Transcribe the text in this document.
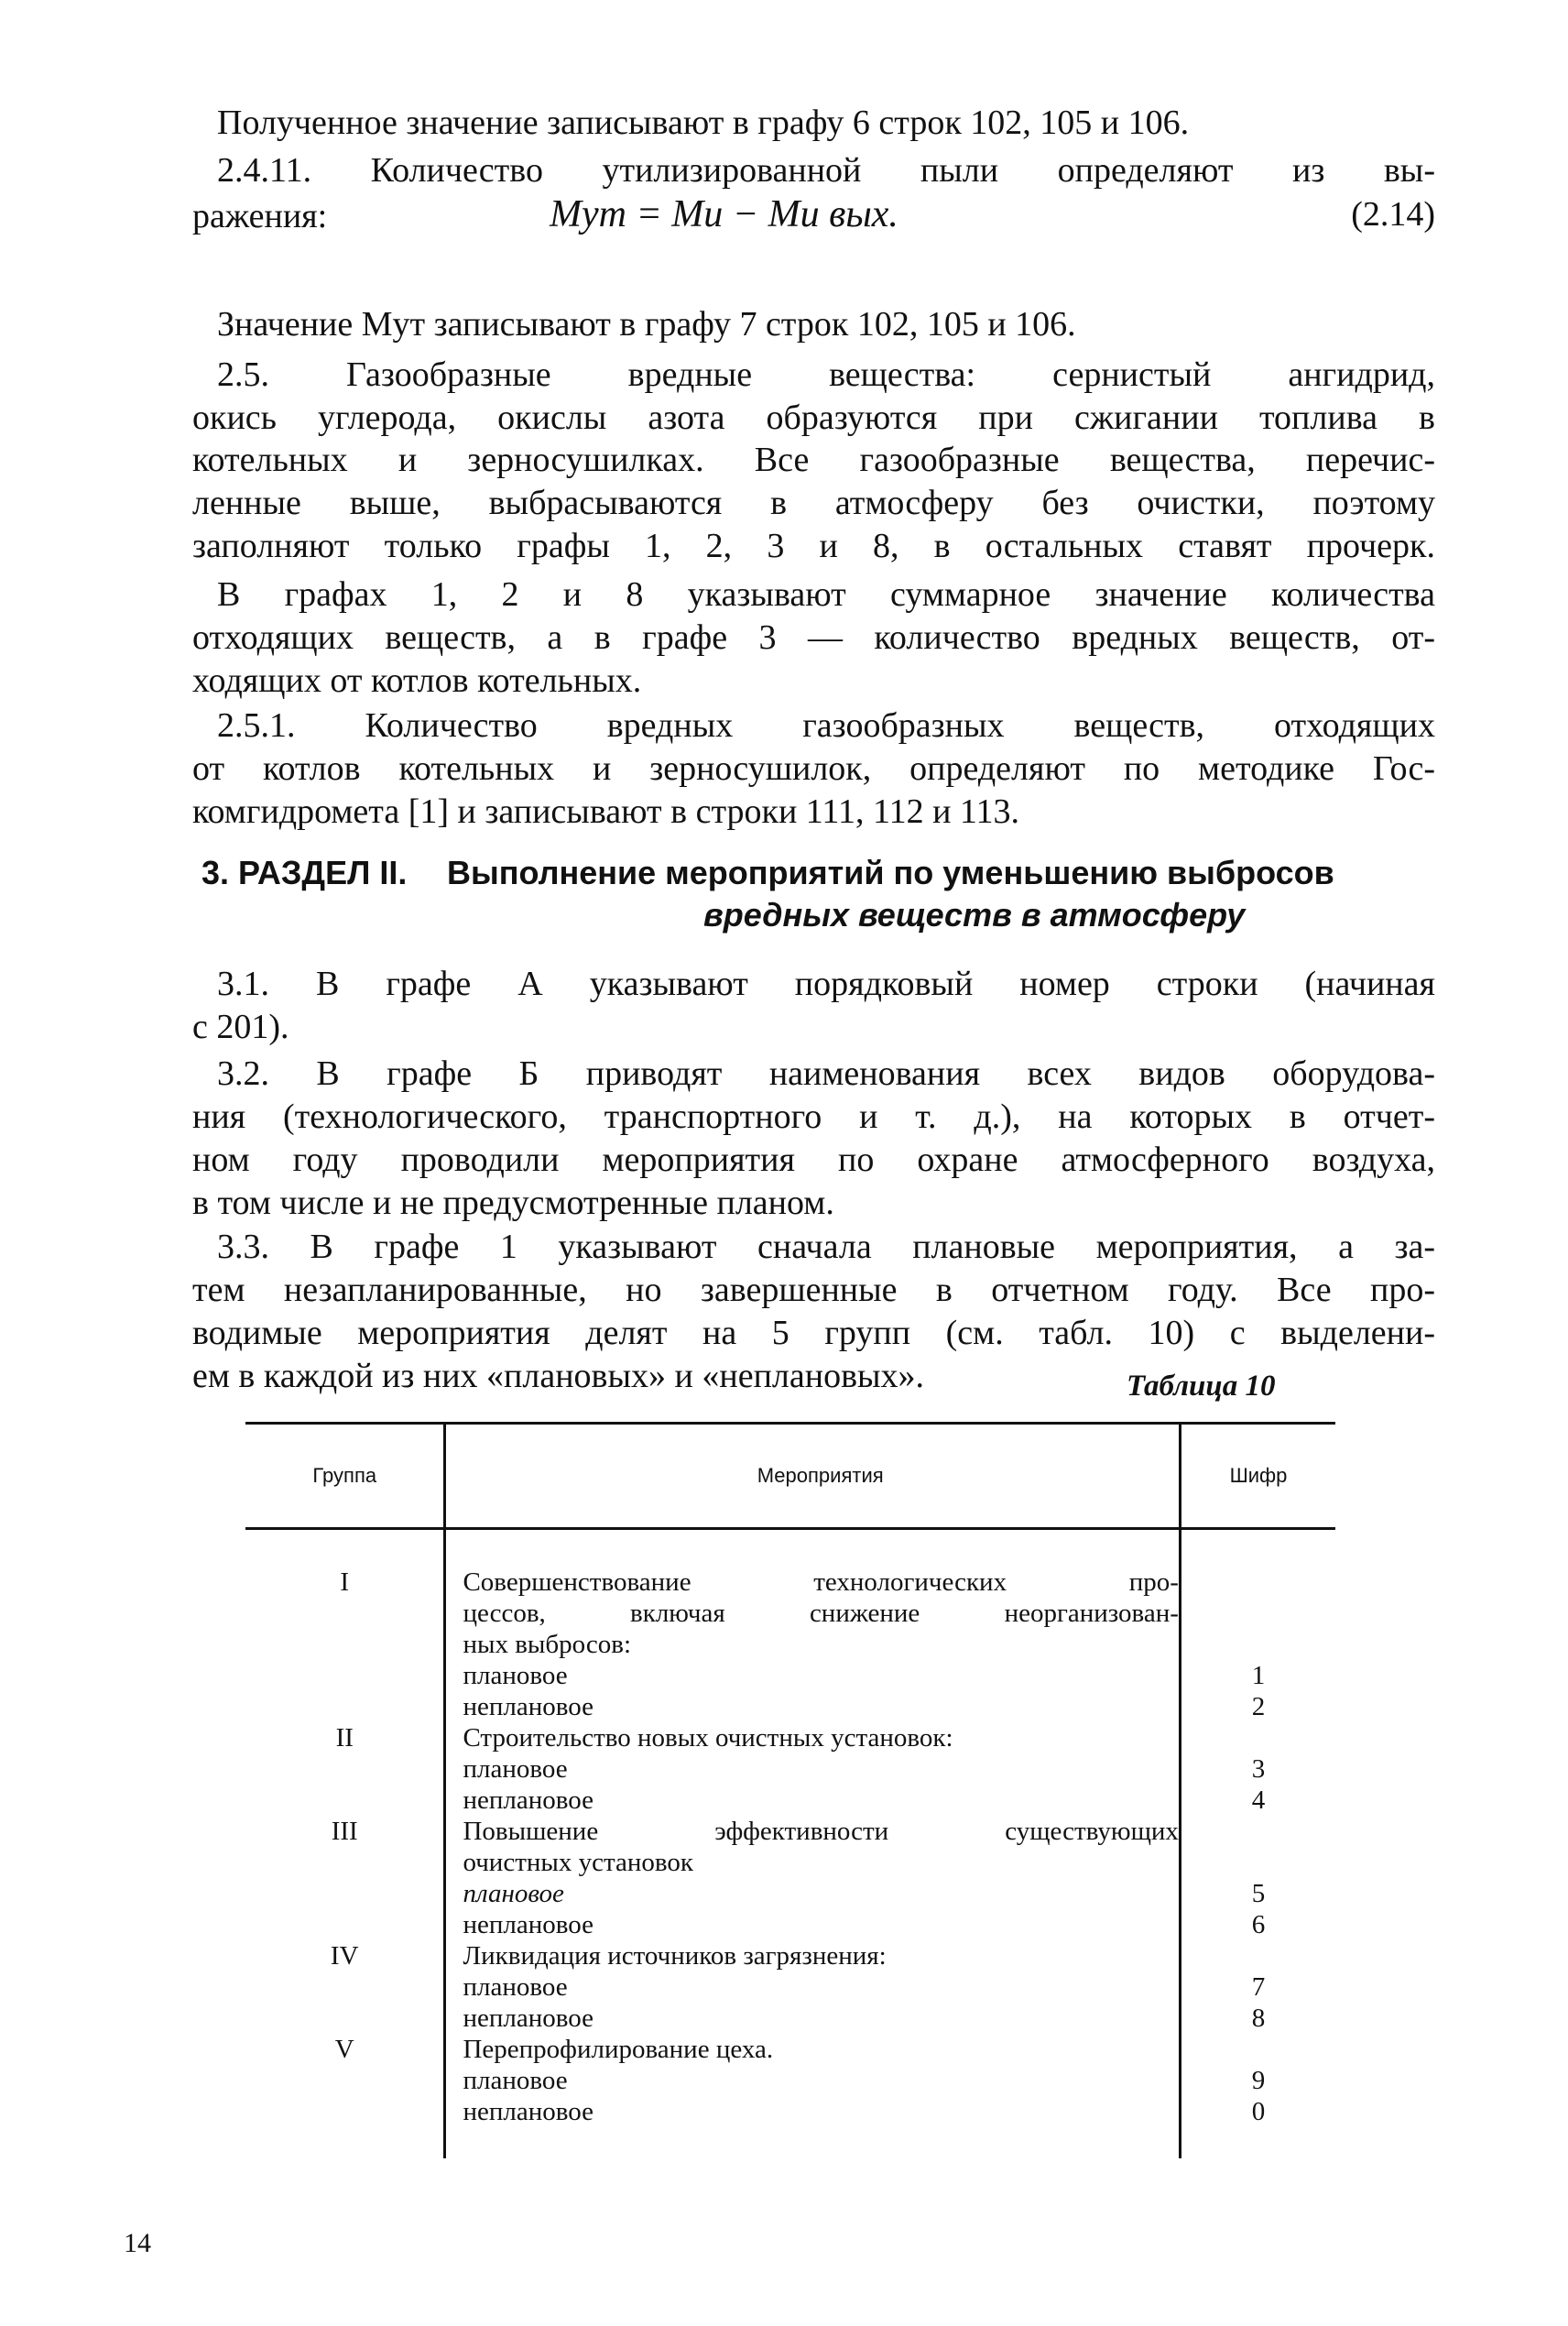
Полученное значение записывают в графу 6 строк 102, 105 и 106.
2.4.11. Количество утилизированной пыли определяют из вы-
ражения:	Mут = Mи − Mи вых.	(2.14)
Значение Mут записывают в графу 7 строк 102, 105 и 106.
2.5. Газообразные вредные вещества: сернистый ангидрид,
окись углерода, окислы азота образуются при сжигании топлива в
котельных и зерносушилках. Все газообразные вещества, перечис-
ленные выше, выбрасываются в атмосферу без очистки, поэтому
заполняют только графы 1, 2, 3 и 8, в остальных ставят прочерк.
В графах 1, 2 и 8 указывают суммарное значение количества
отходящих веществ, а в графе 3 — количество вредных веществ, от-
ходящих от котлов котельных.
2.5.1. Количество вредных газообразных веществ, отходящих
от котлов котельных и зерносушилок, определяют по методике Гос-
комгидромета [1] и записывают в строки 111, 112 и 113.
3. РАЗДЕЛ II. Выполнение мероприятий по уменьшению выбросов
вредных веществ в атмосферу
3.1. В графе А указывают порядковый номер строки (начиная
с 201).
3.2. В графе Б приводят наименования всех видов оборудова-
ния (технологического, транспортного и т. д.), на которых в отчет-
ном году проводили мероприятия по охране атмосферного воздуха,
в том числе и не предусмотренные планом.
3.3. В графе 1 указывают сначала плановые мероприятия, а за-
тем незапланированные, но завершенные в отчетном году. Все про-
водимые мероприятия делят на 5 групп (см. табл. 10) с выделени-
ем в каждой из них «плановых» и «неплановых».	Таблица 10
Группа	Мероприятия	Шифр
I	Совершенствование технологических про-	
	цессов, включая снижение неорганизован-	
	ных выбросов:	
	плановое	1
	неплановое	2
II	Строительство новых очистных установок:	
	плановое	3
	неплановое	4
III	Повышение эффективности существующих	
	очистных установок	
	плановое	5
	неплановое	6
IV	Ликвидация источников загрязнения:	
	плановое	7
	неплановое	8
V	Перепрофилирование цеха.	
	плановое	9
	неплановое	0
14
